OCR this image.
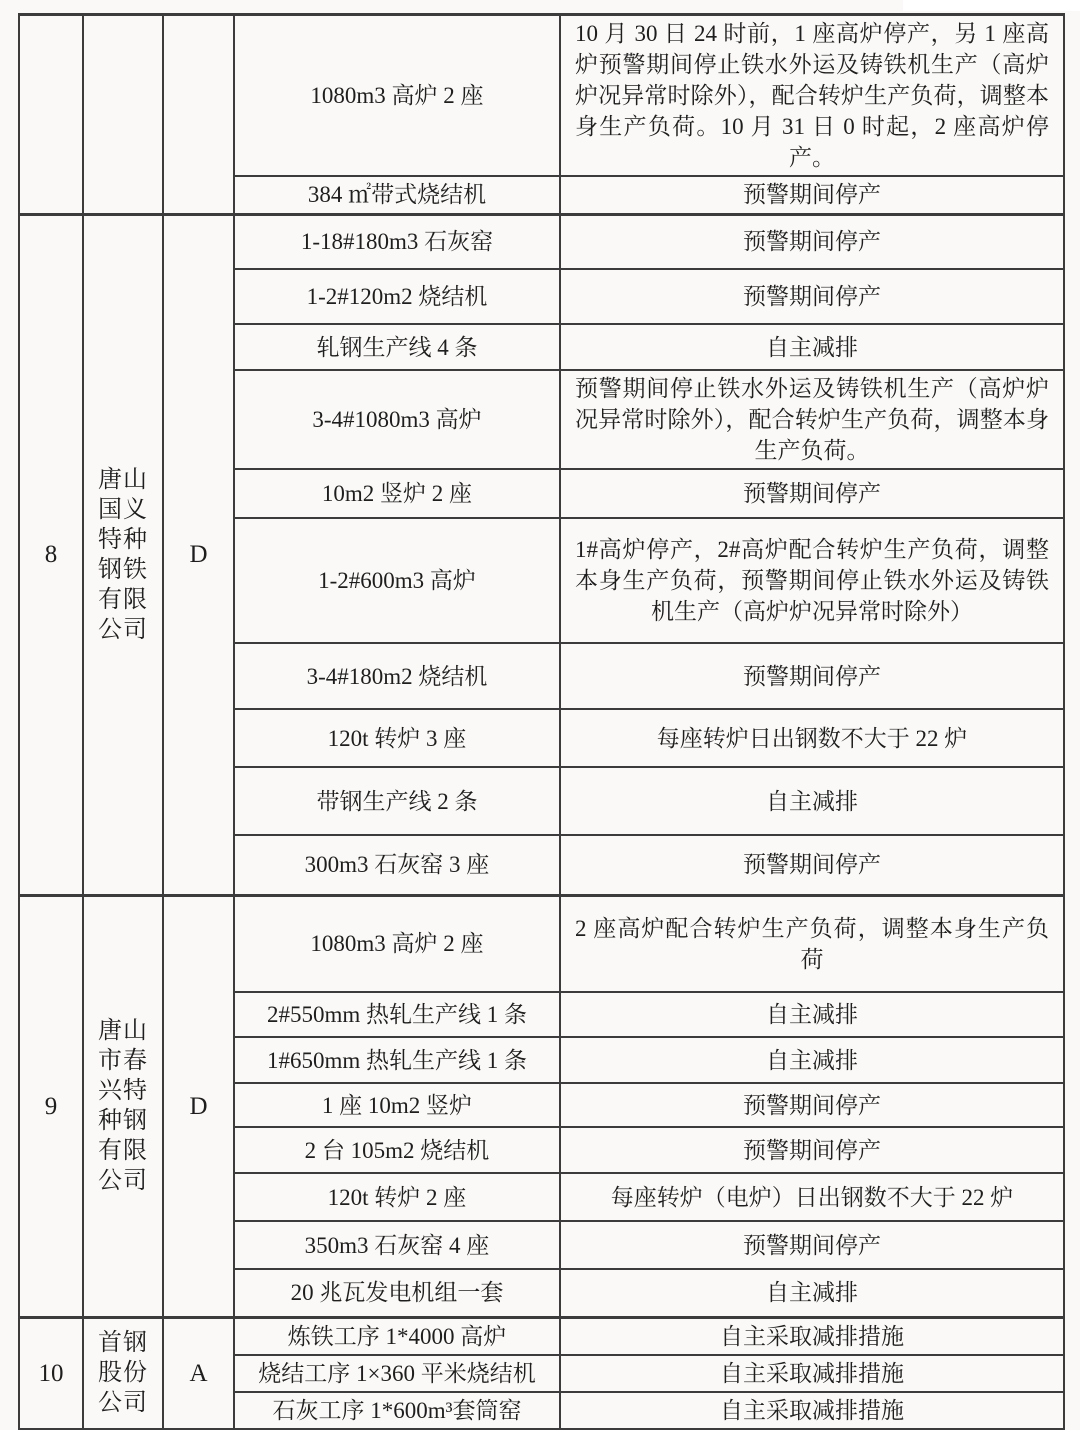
			1080m3 高炉 2 座	10 月 30 日 24 时前，1 座高炉停产，另 1 座高炉预警期间停止铁水外运及铸铁机生产（高炉炉况异常时除外），配合转炉生产负荷，调整本身生产负荷。10 月 31 日 0 时起，2 座高炉停产。
			384 ㎡带式烧结机	预警期间停产
8	唐山国义特种钢铁有限公司	D	1-18#180m3 石灰窑	预警期间停产
			1-2#120m2 烧结机	预警期间停产
			轧钢生产线 4 条	自主减排
			3-4#1080m3 高炉	预警期间停止铁水外运及铸铁机生产（高炉炉况异常时除外），配合转炉生产负荷，调整本身生产负荷。
			10m2 竖炉 2 座	预警期间停产
			1-2#600m3 高炉	1#高炉停产，2#高炉配合转炉生产负荷，调整本身生产负荷，预警期间停止铁水外运及铸铁机生产（高炉炉况异常时除外）
			3-4#180m2 烧结机	预警期间停产
			120t 转炉 3 座	每座转炉日出钢数不大于 22 炉
			带钢生产线 2 条	自主减排
			300m3 石灰窑 3 座	预警期间停产
9	唐山市春兴特种钢有限公司	D	1080m3 高炉 2 座	2 座高炉配合转炉生产负荷，调整本身生产负荷
			2#550mm 热轧生产线 1 条	自主减排
			1#650mm 热轧生产线 1 条	自主减排
			1 座 10m2 竖炉	预警期间停产
			2 台 105m2 烧结机	预警期间停产
			120t 转炉 2 座	每座转炉（电炉）日出钢数不大于 22 炉
			350m3 石灰窑 4 座	预警期间停产
			20 兆瓦发电机组一套	自主减排
10	首钢股份公司	A	炼铁工序 1*4000 高炉	自主采取减排措施
			烧结工序 1×360 平米烧结机	自主采取减排措施
			石灰工序 1*600m³套筒窑	自主采取减排措施
